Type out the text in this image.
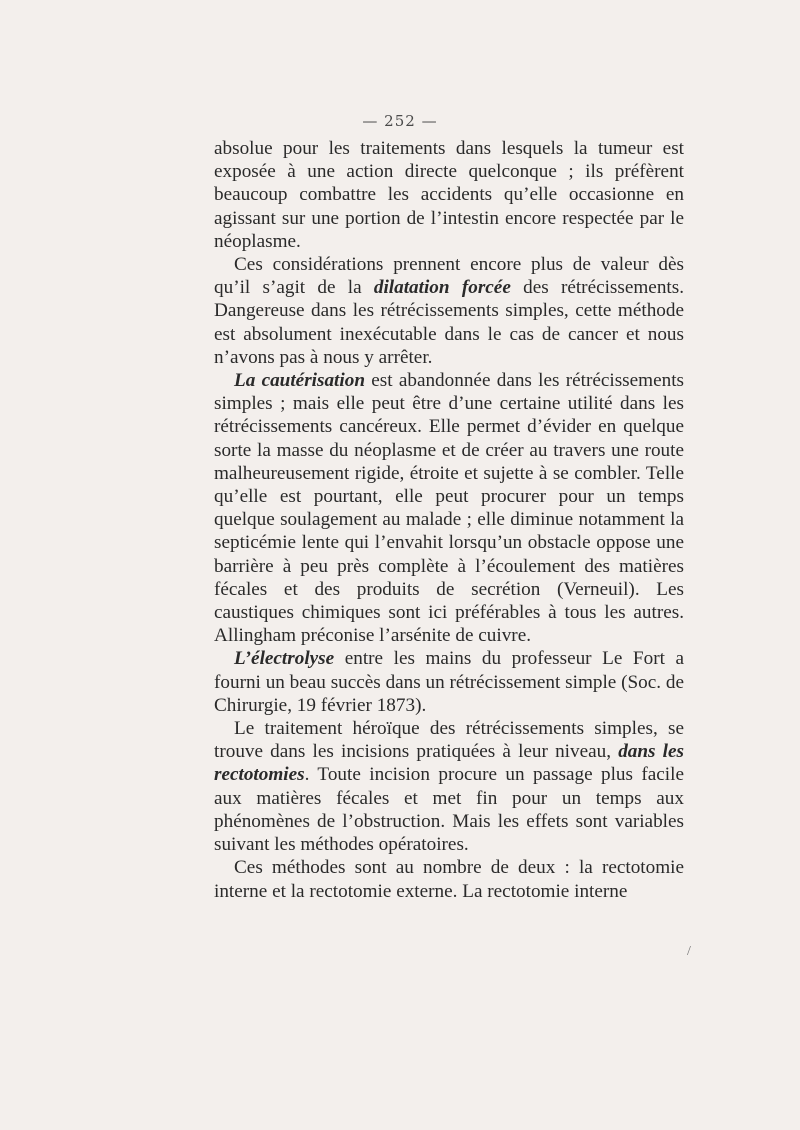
— 252 —

absolue pour les traitements dans lesquels la tumeur est exposée à une action directe quelconque ; ils préfèrent beaucoup combattre les accidents qu’elle occasionne en agissant sur une portion de l’intestin encore respectée par le néoplasme.

Ces considérations prennent encore plus de valeur dès qu’il s’agit de la dilatation forcée des rétrécissements. Dangereuse dans les rétrécissements simples, cette méthode est absolument inexécutable dans le cas de cancer et nous n’avons pas à nous y arrêter.

La cautérisation est abandonnée dans les rétrécissements simples ; mais elle peut être d’une certaine utilité dans les rétrécissements cancéreux. Elle permet d’évider en quelque sorte la masse du néoplasme et de créer au travers une route malheureusement rigide, étroite et sujette à se combler. Telle qu’elle est pourtant, elle peut procurer pour un temps quelque soulagement au malade ; elle diminue notamment la septicémie lente qui l’envahit lorsqu’un obstacle oppose une barrière à peu près complète à l’écoulement des matières fécales et des produits de secrétion (Verneuil). Les caustiques chimiques sont ici préférables à tous les autres. Allingham préconise l’arsénite de cuivre.

L’électrolyse entre les mains du professeur Le Fort a fourni un beau succès dans un rétrécissement simple (Soc. de Chirurgie, 19 février 1873).

Le traitement héroïque des rétrécissements simples, se trouve dans les incisions pratiquées à leur niveau, dans les rectotomies. Toute incision procure un passage plus facile aux matières fécales et met fin pour un temps aux phénomènes de l’obstruction. Mais les effets sont variables suivant les méthodes opératoires.

Ces méthodes sont au nombre de deux : la rectotomie interne et la rectotomie externe. La rectotomie interne

/
